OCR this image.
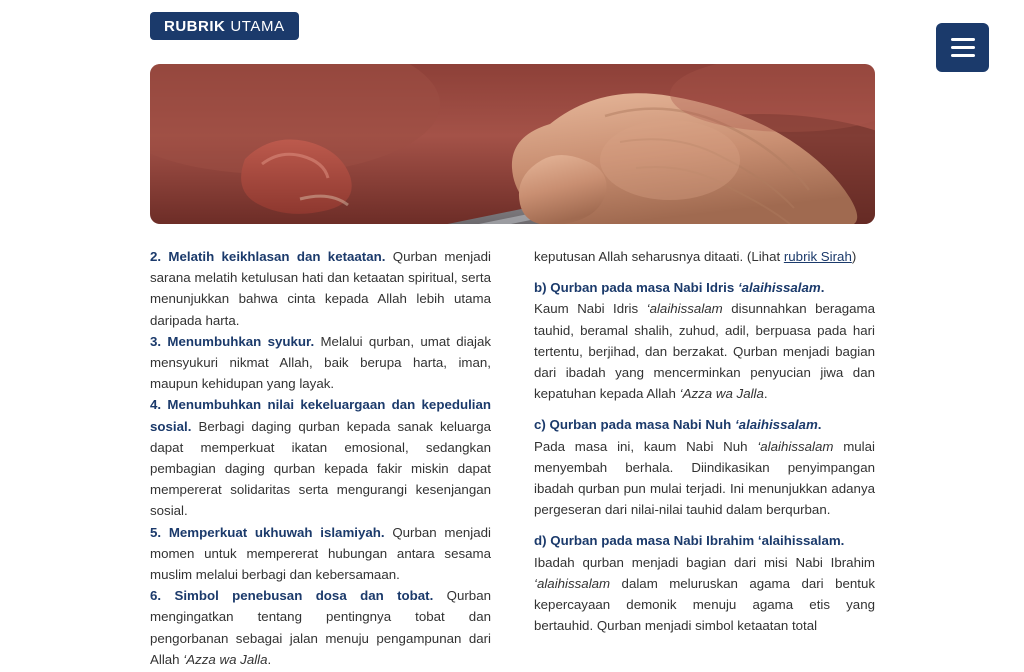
RUBRIK UTAMA

2. Melatih keikhlasan dan ketaatan. Qurban menjadi sarana melatih ketulusan hati dan ketaatan spiritual, serta menunjukkan bahwa cinta kepada Allah lebih utama daripada harta.

3. Menumbuhkan syukur. Melalui qurban, umat diajak mensyukuri nikmat Allah, baik berupa harta, iman, maupun kehidupan yang layak.

4. Menumbuhkan nilai kekeluargaan dan kepedulian sosial. Berbagi daging qurban kepada sanak keluarga dapat memperkuat ikatan emosional, sedangkan pembagian daging qurban kepada fakir miskin dapat mempererat solidaritas serta mengurangi kesenjangan sosial.

5. Memperkuat ukhuwah islamiyah. Qurban menjadi momen untuk mempererat hubungan antara sesama muslim melalui berbagi dan kebersamaan.

6. Simbol penebusan dosa dan tobat. Qurban mengingatkan tentang pentingnya tobat dan pengorbanan sebagai jalan menuju pengampunan dari Allah ‘Azza wa Jalla.

keputusan Allah seharusnya ditaati. (Lihat rubrik Sirah)

b) Qurban pada masa Nabi Idris ‘alaihissalam.

Kaum Nabi Idris ‘alaihissalam disunnahkan beragama tauhid, beramal shalih, zuhud, adil, berpuasa pada hari tertentu, berjihad, dan berzakat. Qurban menjadi bagian dari ibadah yang mencerminkan penyucian jiwa dan kepatuhan kepada Allah ‘Azza wa Jalla.

c) Qurban pada masa Nabi Nuh ‘alaihissalam.

Pada masa ini, kaum Nabi Nuh ‘alaihissalam mulai menyembah berhala. Diindikasikan penyimpangan ibadah qurban pun mulai terjadi. Ini menunjukkan adanya pergeseran dari nilai-nilai tauhid dalam berqurban.

d) Qurban pada masa Nabi Ibrahim ‘alaihissalam.

Ibadah qurban menjadi bagian dari misi Nabi Ibrahim ‘alaihissalam dalam meluruskan agama dari bentuk kepercayaan demonik menuju agama etis yang bertauhid. Qurban menjadi simbol ketaatan total
